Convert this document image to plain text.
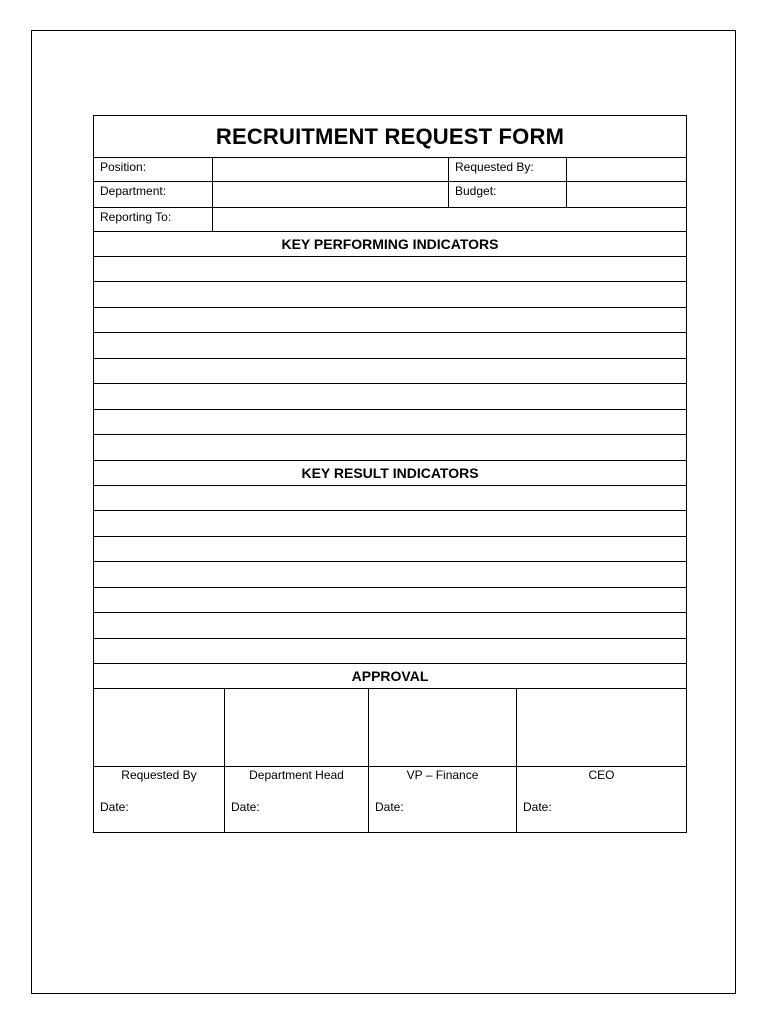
RECRUITMENT REQUEST FORM
Position:	Requested By:
Department:	Budget:
Reporting To:
KEY PERFORMING INDICATORS
KEY RESULT INDICATORS
APPROVAL
Requested By
Date:
Department Head
Date:
VP – Finance
Date:
CEO
Date:
